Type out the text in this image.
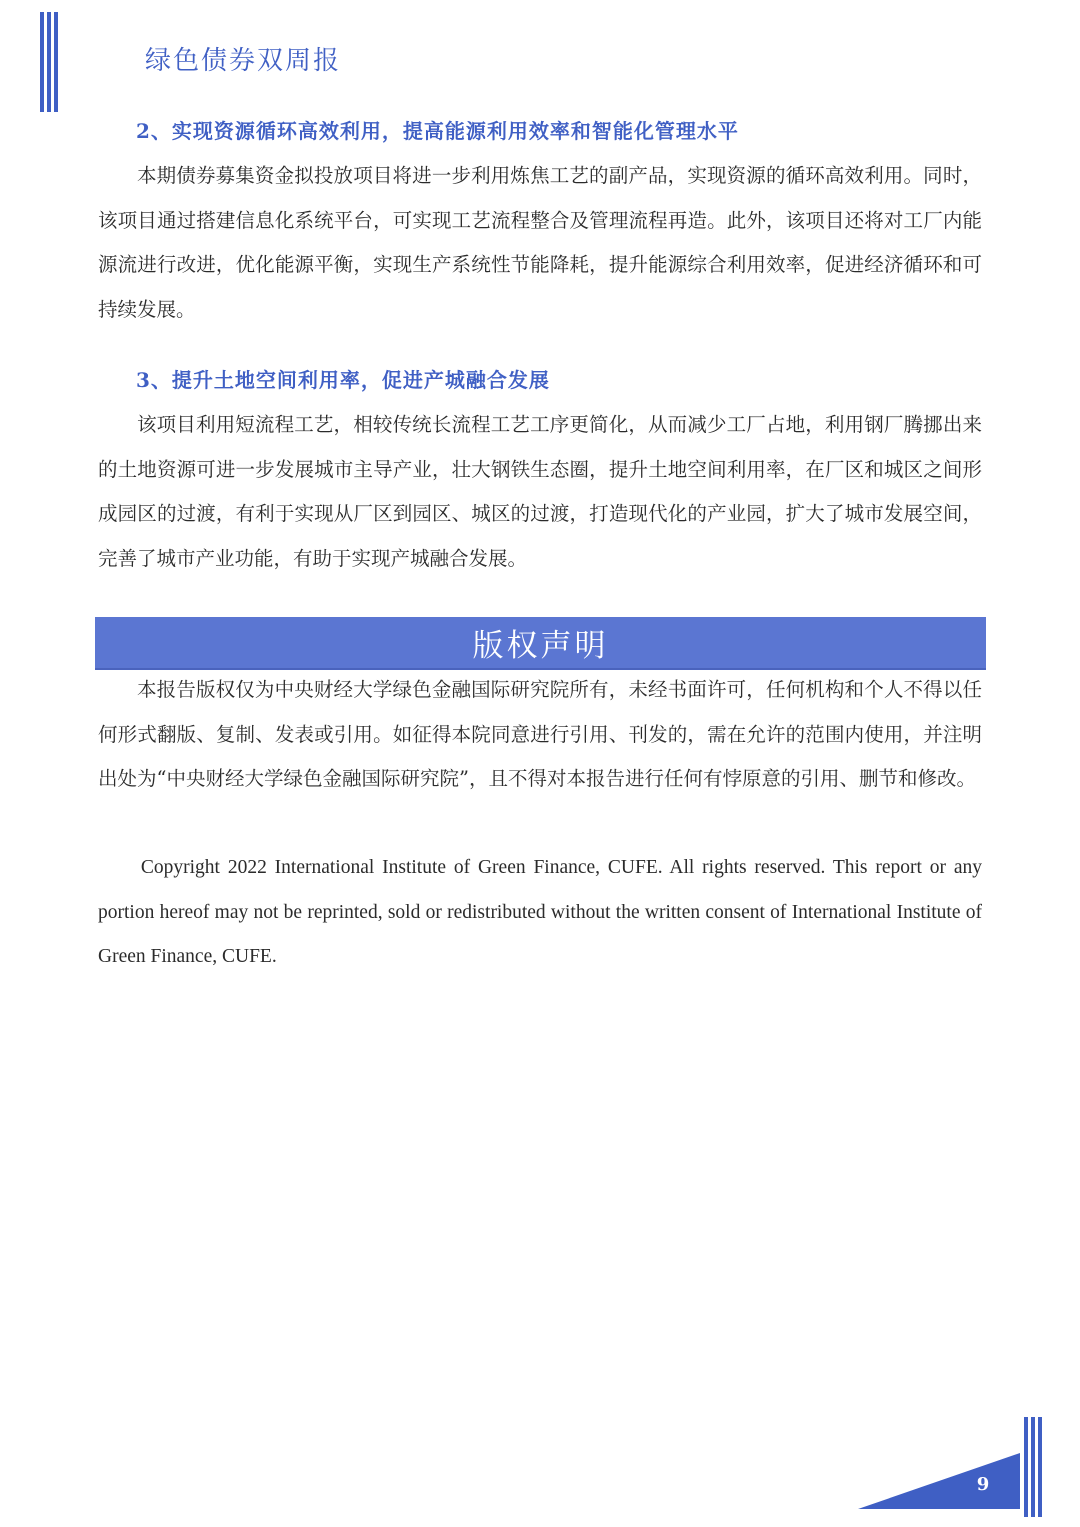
绿色债券双周报
2、实现资源循环高效利用，提高能源利用效率和智能化管理水平

本期债券募集资金拟投放项目将进一步利用炼焦工艺的副产品，实现资源的循环高效利用。同时，该项目通过搭建信息化系统平台，可实现工艺流程整合及管理流程再造。此外，该项目还将对工厂内能源流进行改进，优化能源平衡，实现生产系统性节能降耗，提升能源综合利用效率，促进经济循环和可持续发展。

3、提升土地空间利用率，促进产城融合发展

该项目利用短流程工艺，相较传统长流程工艺工序更简化，从而减少工厂占地，利用钢厂腾挪出来的土地资源可进一步发展城市主导产业，壮大钢铁生态圈，提升土地空间利用率，在厂区和城区之间形成园区的过渡，有利于实现从厂区到园区、城区的过渡，打造现代化的产业园，扩大了城市发展空间，完善了城市产业功能，有助于实现产城融合发展。

版权声明

本报告版权仅为中央财经大学绿色金融国际研究院所有，未经书面许可，任何机构和个人不得以任何形式翻版、复制、发表或引用。如征得本院同意进行引用、刊发的，需在允许的范围内使用，并注明出处为“中央财经大学绿色金融国际研究院”，且不得对本报告进行任何有悖原意的引用、删节和修改。

Copyright 2022 International Institute of Green Finance, CUFE. All rights reserved. This report or any portion hereof may not be reprinted, sold or redistributed without the written consent of International Institute of Green Finance, CUFE.

9
